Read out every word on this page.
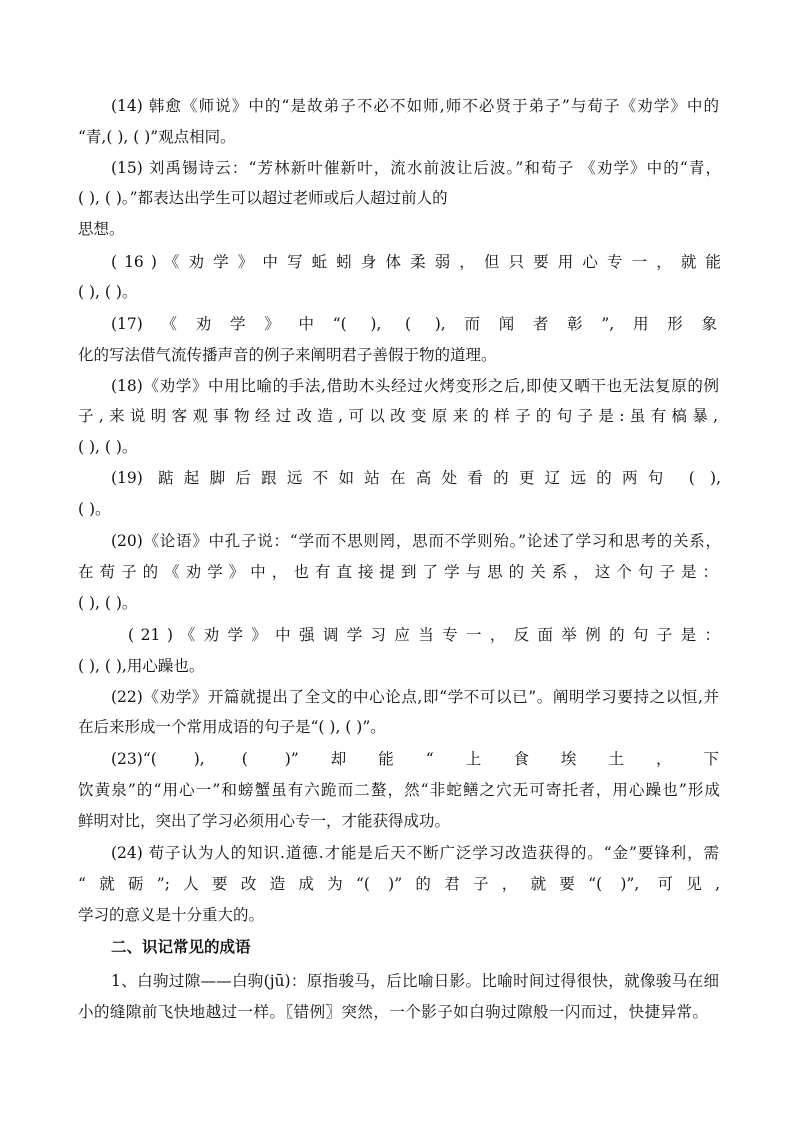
(14) 韩愈《师说》中的“是故弟子不必不如师,师不必贤于弟子”与荀子《劝学》中的
“青,( ), ( )”观点相同。
(15) 刘禹锡诗云：“芳林新叶催新叶，流水前波让后波。”和荀子 《劝学》中的“青，
( ), ( )。”都表达出学生可以超过老师或后人超过前人的
思想。
( 16 ) 《 劝 学 》 中 写 蚯 蚓 身 体 柔 弱 ， 但 只 要 用 心 专 一 ， 就 能
( ), ( )。
(17)《劝学》中“( ), ( ),而闻者彰”,用形象
化的写法借气流传播声音的例子来阐明君子善假于物的道理。
(18)《劝学》中用比喻的手法,借助木头经过火烤变形之后,即使又晒干也无法复原的例
子,来说明客观事物经过改造,可以改变原来的样子的句子是:虽有槁暴,
( ), ( )。
(19) 踮起脚后跟远不如站在高处看的更辽远的两句 ( ),
( )。
(20)《论语》中孔子说：“学而不思则罔，思而不学则殆。”论述了学习和思考的关系，
在 荀 子 的 《 劝 学 》 中 ， 也 有 直 接 提 到 了 学 与 思 的 关 系 ， 这 个 句 子 是 ：
( ), ( )。
( 21 ) 《 劝 学 》 中 强 调 学 习 应 当 专 一 ， 反 面 举 例 的 句 子 是 ：
( ), ( ),用心躁也。
(22)《劝学》开篇就提出了全文的中心论点,即“学不可以已”。阐明学习要持之以恒,并
在后来形成一个常用成语的句子是“( ), ( )”。
(23)“( ), ( )”却能“上食埃土，下
饮黄泉”的“用心一”和螃蟹虽有六跪而二螯，然“非蛇鳝之穴无可寄托者，用心躁也”形成
鲜明对比，突出了学习必须用心专一，才能获得成功。
(24) 荀子认为人的知识.道德.才能是后天不断广泛学习改造获得的。“金”要锋利，需
“就砺”;人要改造成为“( )”的君子，就要“( )”, 可见,
学习的意义是十分重大的。
二、识记常见的成语
1、白驹过隙——白驹(jū)：原指骏马，后比喻日影。比喻时间过得很快，就像骏马在细
小的缝隙前飞快地越过一样。〖错例〗突然，一个影子如白驹过隙般一闪而过，快捷异常。
